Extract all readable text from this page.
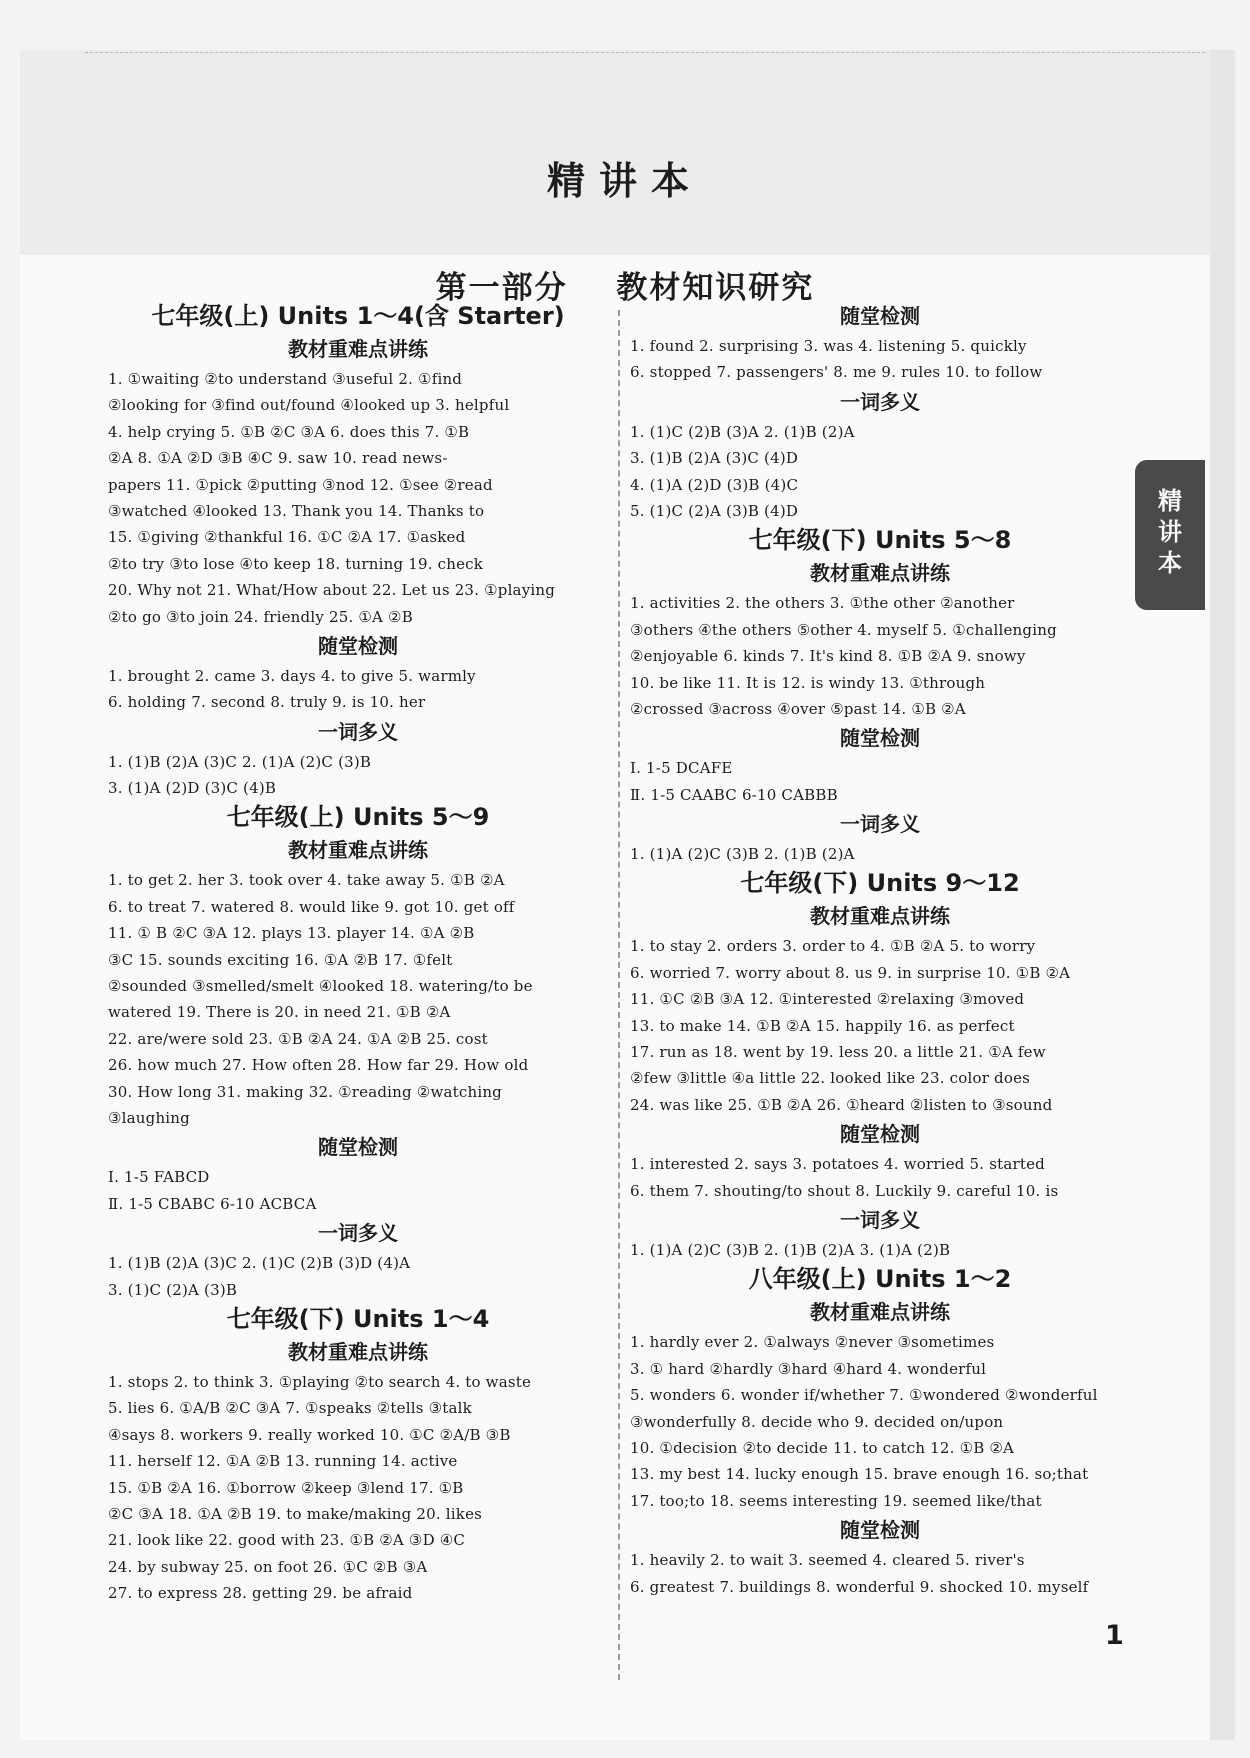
精讲本
第一部分 教材知识研究
七年级(上) Units 1～4(含 Starter)
教材重难点讲练
1. ①waiting ②to understand ③useful 2. ①find
②looking for ③find out/found ④looked up 3. helpful
4. help crying 5. ①B ②C ③A 6. does this 7. ①B
②A 8. ①A ②D ③B ④C 9. saw 10. read news-
papers 11. ①pick ②putting ③nod 12. ①see ②read
③watched ④looked 13. Thank you 14. Thanks to
15. ①giving ②thankful 16. ①C ②A 17. ①asked
②to try ③to lose ④to keep 18. turning 19. check
20. Why not 21. What/How about 22. Let us 23. ①playing
②to go ③to join 24. friendly 25. ①A ②B
随堂检测
1. brought 2. came 3. days 4. to give 5. warmly
6. holding 7. second 8. truly 9. is 10. her
一词多义
1. (1)B (2)A (3)C 2. (1)A (2)C (3)B
3. (1)A (2)D (3)C (4)B
七年级(上) Units 5～9
教材重难点讲练
1. to get 2. her 3. took over 4. take away 5. ①B ②A
6. to treat 7. watered 8. would like 9. got 10. get off
11. ① B ②C ③A 12. plays 13. player 14. ①A ②B
③C 15. sounds exciting 16. ①A ②B 17. ①felt
②sounded ③smelled/smelt ④looked 18. watering/to be
watered 19. There is 20. in need 21. ①B ②A
22. are/were sold 23. ①B ②A 24. ①A ②B 25. cost
26. how much 27. How often 28. How far 29. How old
30. How long 31. making 32. ①reading ②watching
③laughing
随堂检测
Ⅰ. 1-5 FABCD
Ⅱ. 1-5 CBABC 6-10 ACBCA
一词多义
1. (1)B (2)A (3)C 2. (1)C (2)B (3)D (4)A
3. (1)C (2)A (3)B
七年级(下) Units 1～4
教材重难点讲练
1. stops 2. to think 3. ①playing ②to search 4. to waste
5. lies 6. ①A/B ②C ③A 7. ①speaks ②tells ③talk
④says 8. workers 9. really worked 10. ①C ②A/B ③B
11. herself 12. ①A ②B 13. running 14. active
15. ①B ②A 16. ①borrow ②keep ③lend 17. ①B
②C ③A 18. ①A ②B 19. to make/making 20. likes
21. look like 22. good with 23. ①B ②A ③D ④C
24. by subway 25. on foot 26. ①C ②B ③A
27. to express 28. getting 29. be afraid
随堂检测
1. found 2. surprising 3. was 4. listening 5. quickly
6. stopped 7. passengers' 8. me 9. rules 10. to follow
一词多义
1. (1)C (2)B (3)A 2. (1)B (2)A
3. (1)B (2)A (3)C (4)D
4. (1)A (2)D (3)B (4)C
5. (1)C (2)A (3)B (4)D
七年级(下) Units 5～8
教材重难点讲练
1. activities 2. the others 3. ①the other ②another
③others ④the others ⑤other 4. myself 5. ①challenging
②enjoyable 6. kinds 7. It's kind 8. ①B ②A 9. snowy
10. be like 11. It is 12. is windy 13. ①through
②crossed ③across ④over ⑤past 14. ①B ②A
随堂检测
Ⅰ. 1-5 DCAFE
Ⅱ. 1-5 CAABC 6-10 CABBB
一词多义
1. (1)A (2)C (3)B 2. (1)B (2)A
七年级(下) Units 9～12
教材重难点讲练
1. to stay 2. orders 3. order to 4. ①B ②A 5. to worry
6. worried 7. worry about 8. us 9. in surprise 10. ①B ②A
11. ①C ②B ③A 12. ①interested ②relaxing ③moved
13. to make 14. ①B ②A 15. happily 16. as perfect
17. run as 18. went by 19. less 20. a little 21. ①A few
②few ③little ④a little 22. looked like 23. color does
24. was like 25. ①B ②A 26. ①heard ②listen to ③sound
随堂检测
1. interested 2. says 3. potatoes 4. worried 5. started
6. them 7. shouting/to shout 8. Luckily 9. careful 10. is
一词多义
1. (1)A (2)C (3)B 2. (1)B (2)A 3. (1)A (2)B
八年级(上) Units 1～2
教材重难点讲练
1. hardly ever 2. ①always ②never ③sometimes
3. ① hard ②hardly ③hard ④hard 4. wonderful
5. wonders 6. wonder if/whether 7. ①wondered ②wonderful
③wonderfully 8. decide who 9. decided on/upon
10. ①decision ②to decide 11. to catch 12. ①B ②A
13. my best 14. lucky enough 15. brave enough 16. so;that
17. too;to 18. seems interesting 19. seemed like/that
随堂检测
1. heavily 2. to wait 3. seemed 4. cleared 5. river's
6. greatest 7. buildings 8. wonderful 9. shocked 10. myself
精
讲
本
1
